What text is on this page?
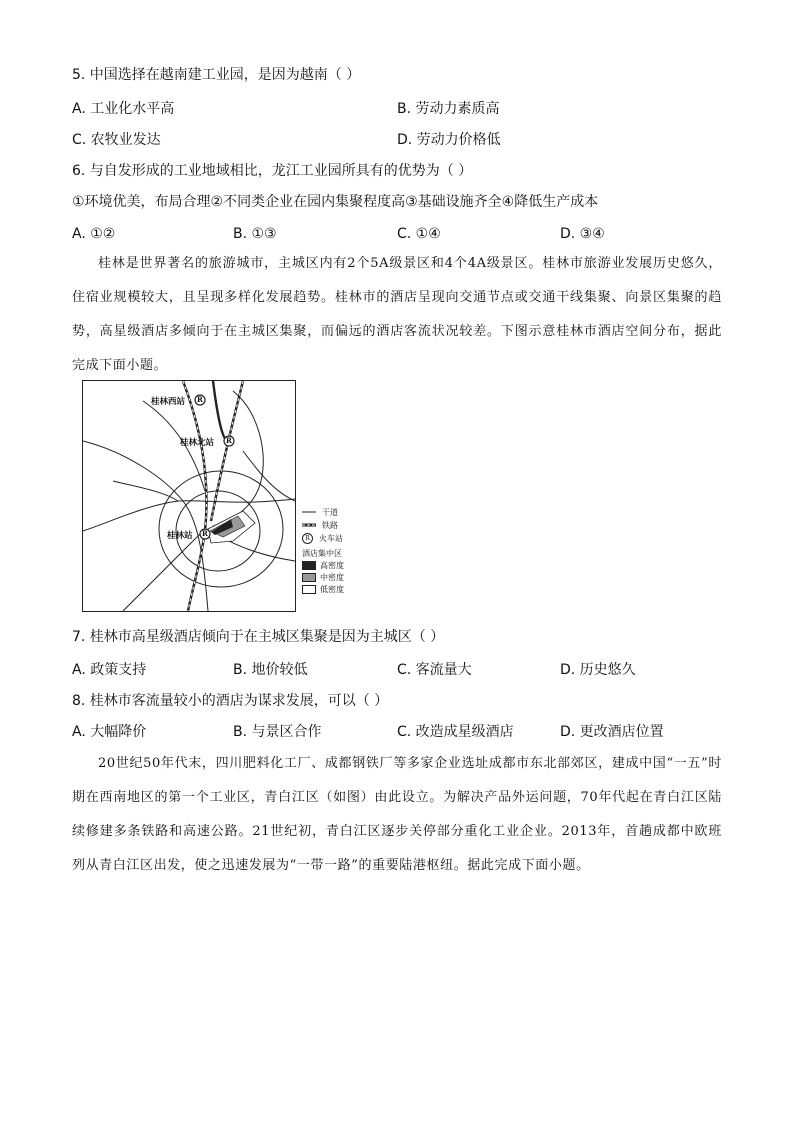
5. 中国选择在越南建工业园，是因为越南（ ）
A. 工业化水平高	B. 劳动力素质高
C. 农牧业发达	D. 劳动力价格低
6. 与自发形成的工业地域相比，龙江工业园所具有的优势为（ ）
①环境优美，布局合理②不同类企业在园内集聚程度高③基础设施齐全④降低生产成本
A. ①②	B. ①③	C. ①④	D. ③④
桂林是世界著名的旅游城市，主城区内有2个5A级景区和4个4A级景区。桂林市旅游业发展历史悠久，住宿业规模较大，且呈现多样化发展趋势。桂林市的酒店呈现向交通节点或交通干线集聚、向景区集聚的趋势，高星级酒店多倾向于在主城区集聚，而偏远的酒店客流状况较差。下图示意桂林市酒店空间分布，据此完成下面小题。
桂林西站
桂林北站
桂林站
R
R
R
干道
铁路
R	火车站
酒店集中区
高密度
中密度
低密度
7. 桂林市高星级酒店倾向于在主城区集聚是因为主城区（ ）
A. 政策支持	B. 地价较低	C. 客流量大	D. 历史悠久
8. 桂林市客流量较小的酒店为谋求发展，可以（ ）
A. 大幅降价	B. 与景区合作	C. 改造成星级酒店	D. 更改酒店位置
20世纪50年代末，四川肥料化工厂、成都钢铁厂等多家企业选址成都市东北部郊区，建成中国“一五”时期在西南地区的第一个工业区，青白江区（如图）由此设立。为解决产品外运问题，70年代起在青白江区陆续修建多条铁路和高速公路。21世纪初，青白江区逐步关停部分重化工业企业。2013年，首趟成都中欧班列从青白江区出发，使之迅速发展为“一带一路”的重要陆港枢纽。据此完成下面小题。
